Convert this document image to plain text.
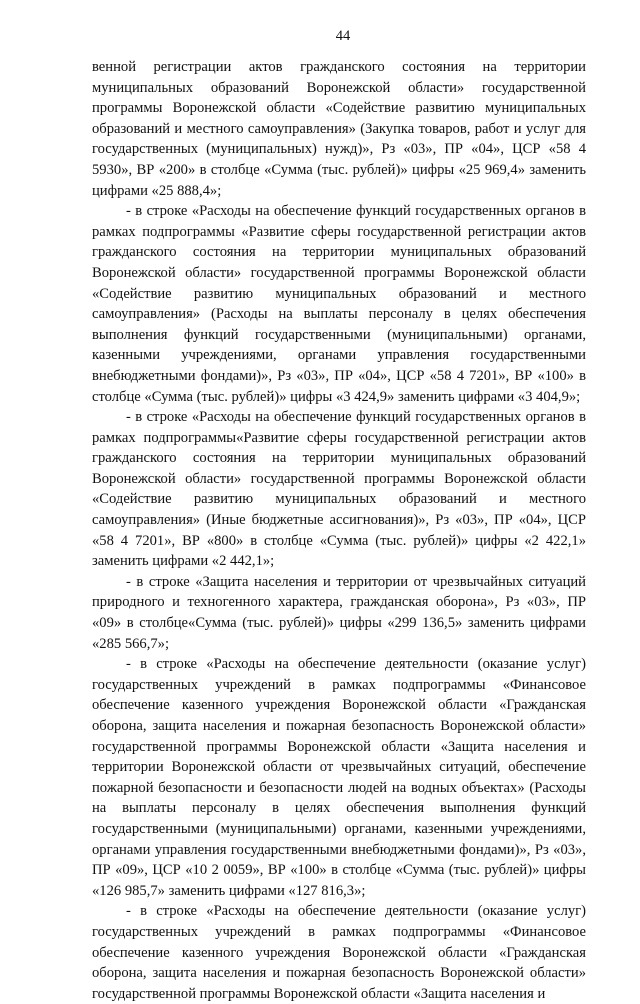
44

венной регистрации актов гражданского состояния на территории муниципальных образований Воронежской области» государственной программы Воронежской области «Содействие развитию муниципальных образований и местного самоуправления» (Закупка товаров, работ и услуг для государственных (муниципальных) нужд)», Рз «03», ПР «04», ЦСР «58 4 5930», ВР «200» в столбце «Сумма (тыс. рублей)» цифры «25 969,4» заменить цифрами «25 888,4»;

- в строке «Расходы на обеспечение функций государственных органов в рамках подпрограммы «Развитие сферы государственной регистрации актов гражданского состояния на территории муниципальных образований Воронежской области» государственной программы Воронежской области «Содействие развитию муниципальных образований и местного самоуправления» (Расходы на выплаты персоналу в целях обеспечения выполнения функций государственными (муниципальными) органами, казенными учреждениями, органами управления государственными внебюджетными фондами)», Рз «03», ПР «04», ЦСР «58 4 7201», ВР «100» в столбце «Сумма (тыс. рублей)» цифры «3 424,9» заменить цифрами «3 404,9»;

- в строке «Расходы на обеспечение функций государственных органов в рамках подпрограммы«Развитие сферы государственной регистрации актов гражданского состояния на территории муниципальных образований Воронежской области» государственной программы Воронежской области «Содействие развитию муниципальных образований и местного самоуправления» (Иные бюджетные ассигнования)», Рз «03», ПР «04», ЦСР «58 4 7201», ВР «800» в столбце «Сумма (тыс. рублей)» цифры «2 422,1» заменить цифрами «2 442,1»;

- в строке «Защита населения и территории от чрезвычайных ситуаций природного и техногенного характера, гражданская оборона», Рз «03», ПР «09» в столбце«Сумма (тыс. рублей)» цифры «299 136,5» заменить цифрами «285 566,7»;

- в строке «Расходы на обеспечение деятельности (оказание услуг) государственных учреждений в рамках подпрограммы «Финансовое обеспечение казенного учреждения Воронежской области «Гражданская оборона, защита населения и пожарная безопасность Воронежской области» государственной программы Воронежской области «Защита населения и территории Воронежской области от чрезвычайных ситуаций, обеспечение пожарной безопасности и безопасности людей на водных объектах» (Расходы на выплаты персоналу в целях обеспечения выполнения функций государственными (муниципальными) органами, казенными учреждениями, органами управления государственными внебюджетными фондами)», Рз «03», ПР «09», ЦСР «10 2 0059», ВР «100» в столбце «Сумма (тыс. рублей)» цифры «126 985,7» заменить цифрами «127 816,3»;

- в строке «Расходы на обеспечение деятельности (оказание услуг) государственных учреждений в рамках подпрограммы «Финансовое обеспечение казенного учреждения Воронежской области «Гражданская оборона, защита населения и пожарная безопасность Воронежской области» государственной программы Воронежской области «Защита населения и
